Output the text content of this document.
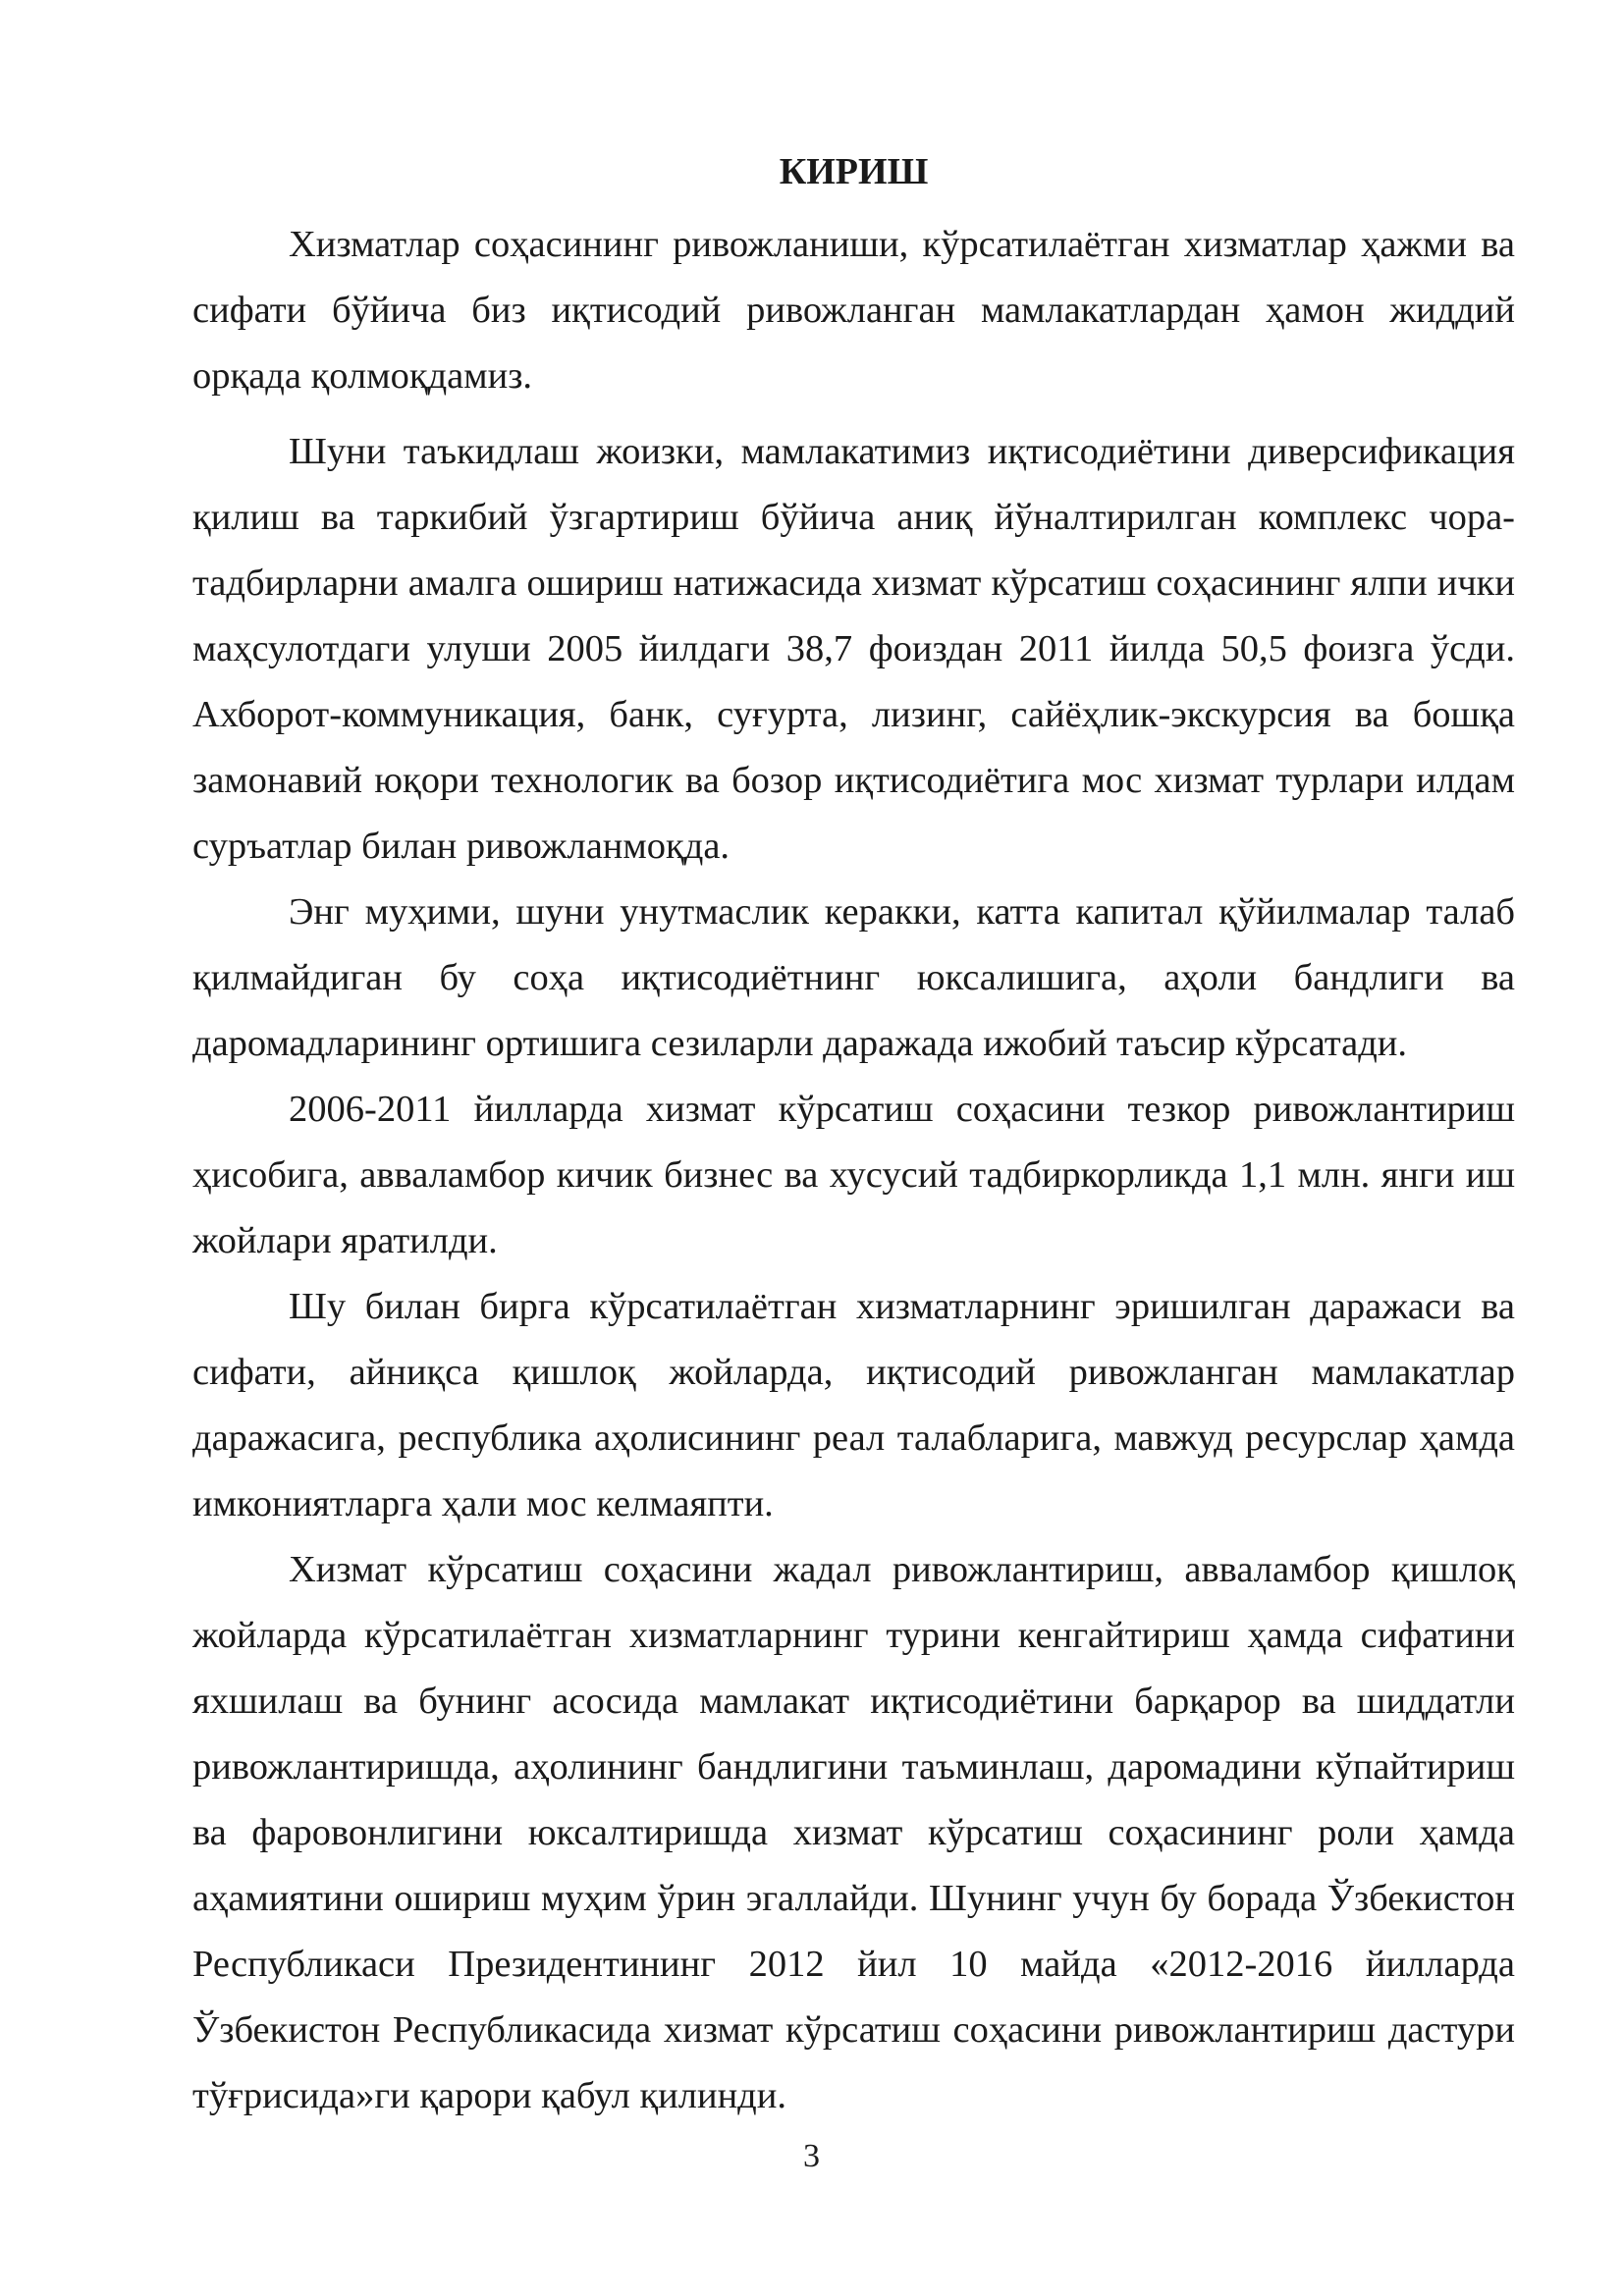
КИРИШ

Хизматлар соҳасининг ривожланиши, кўрсатилаётган хизматлар ҳажми ва сифати бўйича биз иқтисодий ривожланган мамлакатлардан ҳамон жиддий орқада қолмоқдамиз.

Шуни таъкидлаш жоизки, мамлакатимиз иқтисодиётини диверсификация қилиш ва таркибий ўзгартириш бўйича аниқ йўналтирилган комплекс чора-тадбирларни амалга ошириш натижасида хизмат кўрсатиш соҳасининг ялпи ички маҳсулотдаги улуши 2005 йилдаги 38,7 фоиздан 2011 йилда 50,5 фоизга ўсди. Ахборот-коммуникация, банк, суғурта, лизинг, сайёҳлик-экскурсия ва бошқа замонавий юқори технологик ва бозор иқтисодиётига мос хизмат турлари илдам суръатлар билан ривожланмоқда.

Энг муҳими, шуни унутмаслик керакки, катта капитал қўйилмалар талаб қилмайдиган бу соҳа иқтисодиётнинг юксалишига, аҳоли бандлиги ва даромадларининг ортишига сезиларли даражада ижобий таъсир кўрсатади.

2006-2011 йилларда хизмат кўрсатиш соҳасини тезкор ривожлантириш ҳисобига, авваламбор кичик бизнес ва хусусий тадбиркорликда 1,1 млн. янги иш жойлари яратилди.

Шу билан бирга кўрсатилаётган хизматларнинг эришилган даражаси ва сифати, айниқса қишлоқ жойларда, иқтисодий ривожланган мамлакатлар даражасига, республика аҳолисининг реал талабларига, мавжуд ресурслар ҳамда имкониятларга ҳали мос келмаяпти.

Хизмат кўрсатиш соҳасини жадал ривожлантириш, авваламбор қишлоқ жойларда кўрсатилаётган хизматларнинг турини кенгайтириш ҳамда сифатини яхшилаш ва бунинг асосида мамлакат иқтисодиётини барқарор ва шиддатли ривожлантиришда, аҳолининг бандлигини таъминлаш, даромадини кўпайтириш ва фаровонлигини юксалтиришда хизмат кўрсатиш соҳасининг роли ҳамда аҳамиятини ошириш муҳим ўрин эгаллайди. Шунинг учун бу борада Ўзбекистон Республикаси Президентининг 2012 йил 10 майда «2012-2016 йилларда Ўзбекистон Республикасида хизмат кўрсатиш соҳасини ривожлантириш дастури тўғрисида»ги қарори қабул қилинди.

3
